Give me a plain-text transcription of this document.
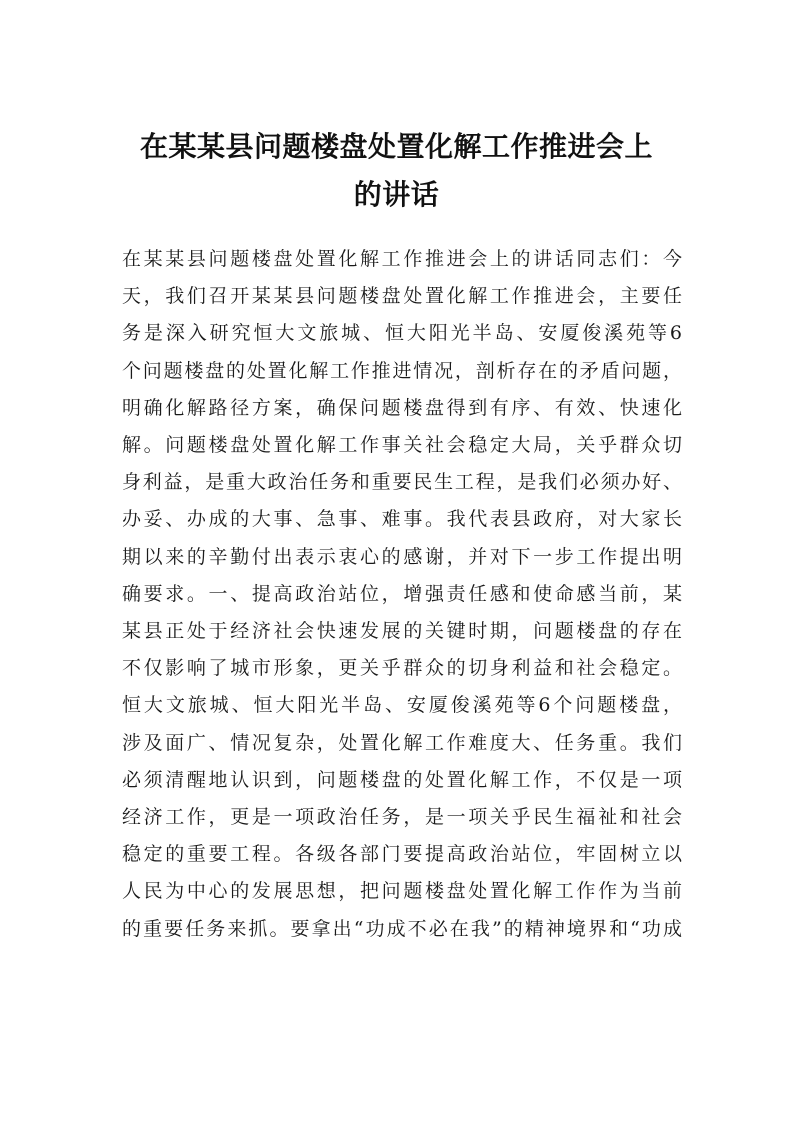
在某某县问题楼盘处置化解工作推进会上
的讲话
在某某县问题楼盘处置化解工作推进会上的讲话同志们：今
天，我们召开某某县问题楼盘处置化解工作推进会，主要任
务是深入研究恒大文旅城、恒大阳光半岛、安厦俊溪苑等6
个问题楼盘的处置化解工作推进情况，剖析存在的矛盾问题，
明确化解路径方案，确保问题楼盘得到有序、有效、快速化
解。问题楼盘处置化解工作事关社会稳定大局，关乎群众切
身利益，是重大政治任务和重要民生工程，是我们必须办好、
办妥、办成的大事、急事、难事。我代表县政府，对大家长
期以来的辛勤付出表示衷心的感谢，并对下一步工作提出明
确要求。一、提高政治站位，增强责任感和使命感当前，某
某县正处于经济社会快速发展的关键时期，问题楼盘的存在
不仅影响了城市形象，更关乎群众的切身利益和社会稳定。
恒大文旅城、恒大阳光半岛、安厦俊溪苑等6个问题楼盘，
涉及面广、情况复杂，处置化解工作难度大、任务重。我们
必须清醒地认识到，问题楼盘的处置化解工作，不仅是一项
经济工作，更是一项政治任务，是一项关乎民生福祉和社会
稳定的重要工程。各级各部门要提高政治站位，牢固树立以
人民为中心的发展思想，把问题楼盘处置化解工作作为当前
的重要任务来抓。要拿出“功成不必在我”的精神境界和“功成
